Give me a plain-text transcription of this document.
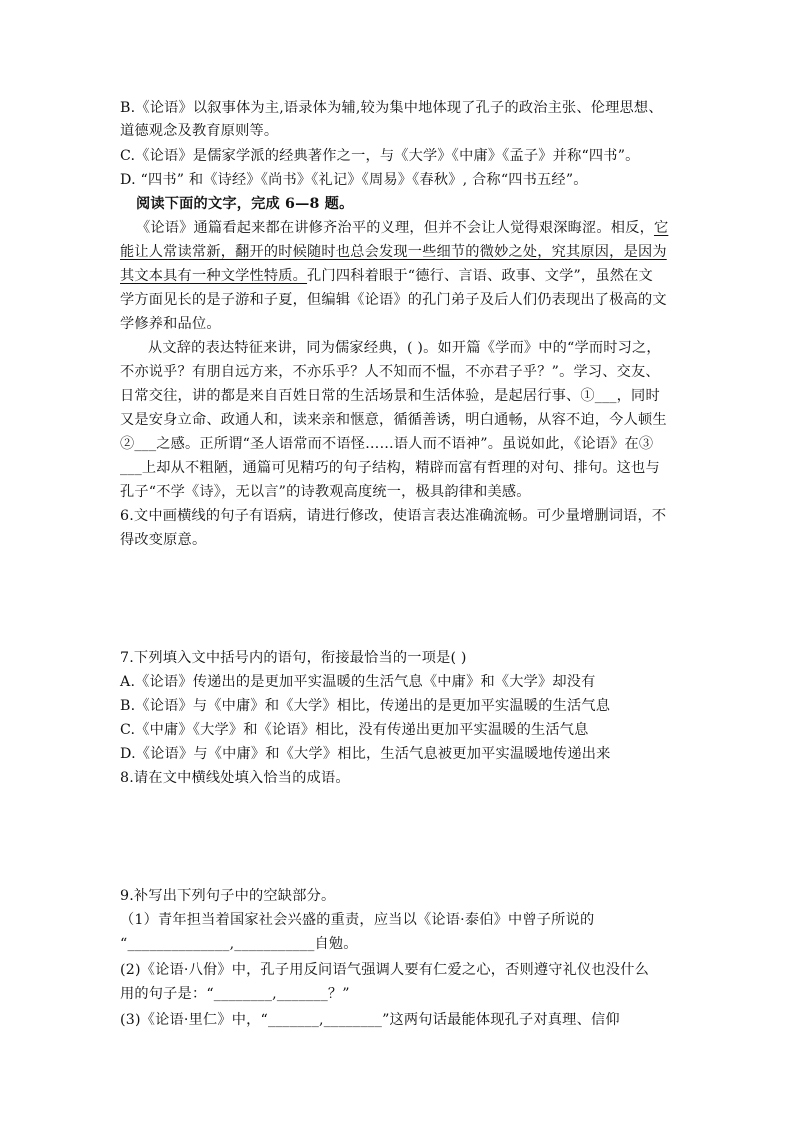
B.《论语》以叙事体为主,语录体为辅,较为集中地体现了孔子的政治主张、伦理思想、
道德观念及教育原则等。
C.《论语》是儒家学派的经典著作之一，与《大学》《中庸》《孟子》并称“四书”。
D. “四书” 和《诗经》《尚书》《礼记》《周易》《春秋》, 合称“四书五经”。
阅读下面的文字，完成 6—8 题。
《论语》通篇看起来都在讲修齐治平的义理，但并不会让人觉得艰深晦涩。相反，它
能让人常读常新，翻开的时候随时也总会发现一些细节的微妙之处，究其原因，是因为
其文本具有一种文学性特质。孔门四科着眼于“德行、言语、政事、文学”，虽然在文
学方面见长的是子游和子夏，但编辑《论语》的孔门弟子及后人们仍表现出了极高的文
学修养和品位。
从文辞的表达特征来讲，同为儒家经典，( )。如开篇《学而》中的“学而时习之，
不亦说乎？有朋自远方来，不亦乐乎？人不知而不愠，不亦君子乎？”。学习、交友、
日常交往，讲的都是来自百姓日常的生活场景和生活体验，是起居行事、①___，同时
又是安身立命、政通人和，读来亲和惬意，循循善诱，明白通畅，从容不迫，今人顿生
②___之感。正所谓“圣人语常而不语怪……语人而不语神”。虽说如此，《论语》在③
___上却从不粗陋，通篇可见精巧的句子结构，精辟而富有哲理的对句、排句。这也与
孔子“不学《诗》，无以言”的诗教观高度统一，极具韵律和美感。
6.文中画横线的句子有语病，请进行修改，使语言表达准确流畅。可少量增删词语，不
得改变原意。
7.下列填入文中括号内的语句，衔接最恰当的一项是( )
A.《论语》传递出的是更加平实温暖的生活气息《中庸》和《大学》却没有
B.《论语》与《中庸》和《大学》相比，传递出的是更加平实温暖的生活气息
C.《中庸》《大学》和《论语》相比，没有传递出更加平实温暖的生活气息
D.《论语》与《中庸》和《大学》相比，生活气息被更加平实温暖地传递出来
8.请在文中横线处填入恰当的成语。
9.补写出下列句子中的空缺部分。
（1）青年担当着国家社会兴盛的重责，应当以《论语·泰伯》中曾子所说的
“______________,___________自勉。
(2)《论语·八佾》中，孔子用反问语气强调人要有仁爱之心，否则遵守礼仪也没什么
用的句子是：“________,_______？”
(3)《论语·里仁》中，“_______,________”这两句话最能体现孔子对真理、信仰
